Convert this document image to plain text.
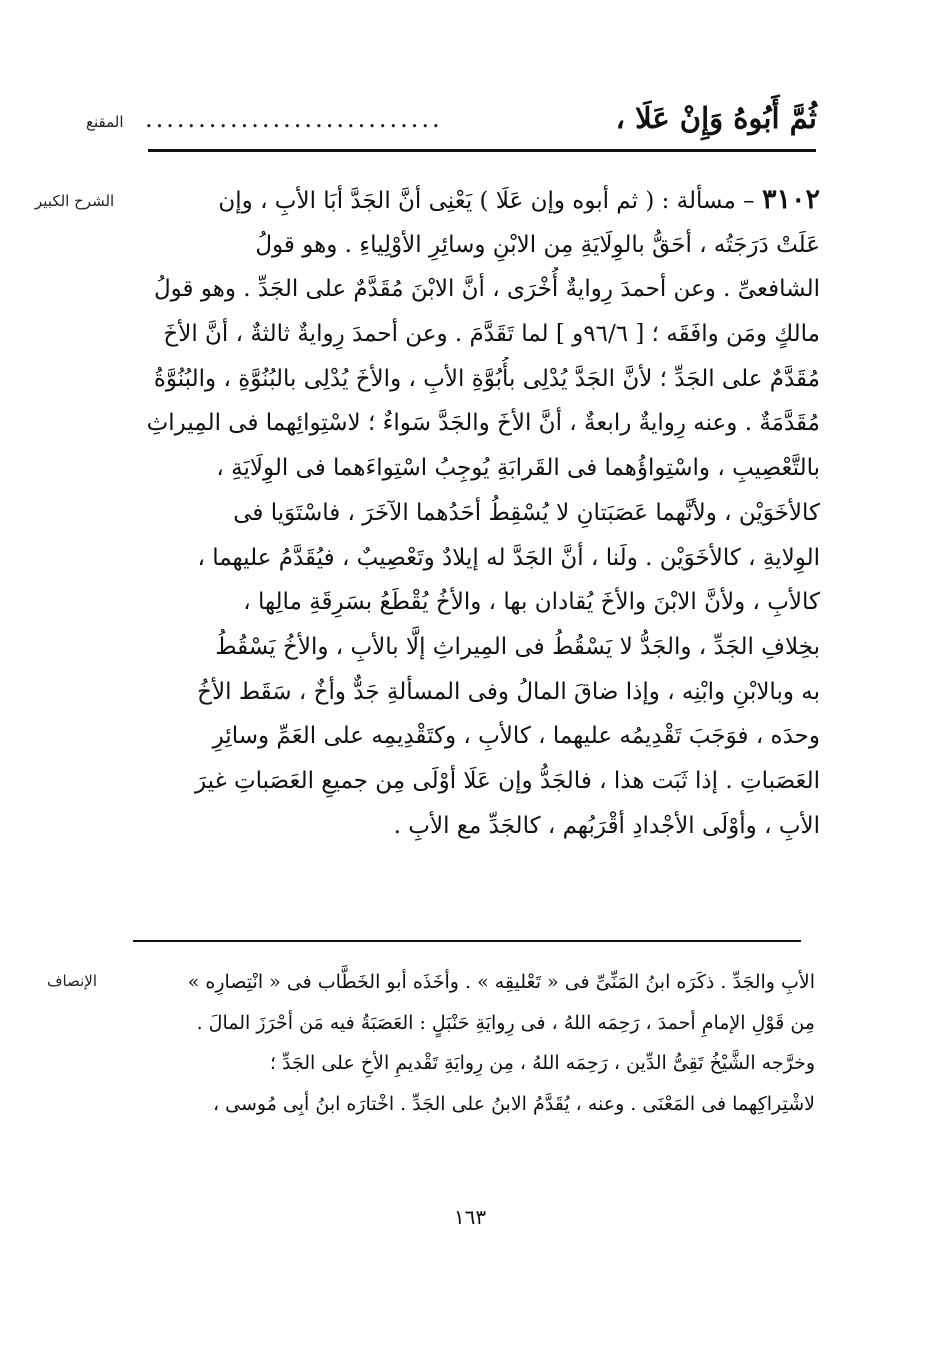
المقنع
الشرح الكبير
الإنصاف
ثُمَّ أَبُوهُ وَإِنْ عَلَا ،
............................
٣١٠٢ – مسألة : ( ثم أبوه وإن عَلَا ) يَعْنِى أنَّ الجَدَّ أبَا الأبِ ، وإن
عَلَتْ دَرَجَتُه ، أحَقُّ بالوِلَايَةِ مِن الابْنِ وسائِرِ الأوْلِياءِ . وهو قولُ
الشافعىِّ . وعن أحمدَ رِوايةٌ أُخْرَى ، أنَّ الابْنَ مُقَدَّمٌ على الجَدِّ . وهو قولُ
مالكٍ ومَن وافَقَه ؛ [ ٩٦/٦و ] لما تَقَدَّمَ . وعن أحمدَ رِوايةٌ ثالثةٌ ، أنَّ الأخَ
مُقَدَّمٌ على الجَدِّ ؛ لأنَّ الجَدَّ يُدْلِى بأُبُوَّةِ الأبِ ، والأخَ يُدْلِى بالبُنُوَّةِ ، والبُنُوَّةُ
مُقَدَّمَةٌ . وعنه رِوايةٌ رابعةٌ ، أنَّ الأخَ والجَدَّ سَواءٌ ؛ لاسْتِوائِهما فى المِيراثِ
بالتَّعْصِيبِ ، واسْتِواؤُهما فى القَرابَةِ يُوجِبُ اسْتِواءَهما فى الوِلَايَةِ ،
كالأخَوَيْن ، ولأنَّهما عَصَبَتانِ لا يُسْقِطُ أحَدُهما الآخَرَ ، فاسْتَوَيا فى
الوِلايةِ ، كالأخَوَيْن . ولَنا ، أنَّ الجَدَّ له إيلادٌ وتَعْصِيبٌ ، فيُقَدَّمُ عليهما ،
كالأبِ ، ولأنَّ الابْنَ والأخَ يُقادان بها ، والأخُ يُقْطَعُ بسَرِقَةِ مالِها ،
بخِلافِ الجَدِّ ، والجَدُّ لا يَسْقُطُ فى المِيراثِ إلَّا بالأبِ ، والأخُ يَسْقُطُ
به وبالابْنِ وابْنِه ، وإذا ضاقَ المالُ وفى المسألةِ جَدٌّ وأخٌ ، سَقَط الأخُ
وحدَه ، فوَجَبَ تَقْدِيمُه عليهما ، كالأبِ ، وكتَقْدِيمِه على العَمِّ وسائِرِ
العَصَباتِ . إذا ثَبَت هذا ، فالجَدُّ وإن عَلَا أوْلَى مِن جميعِ العَصَباتِ غيرَ
الأبِ ، وأوْلَى الأجْدادِ أقْرَبُهم ، كالجَدِّ مع الأبِ .
الأبِ والجَدِّ . ذكَرَه ابنُ المَنِّىِّ فى « تَعْليقِه » . وأخَذَه أبو الخَطَّاب فى « انْتِصارِه »
مِن قَوْلِ الإمامِ أحمدَ ، رَحِمَه اللهُ ، فى رِوايَةِ حَنْبَلٍ : العَصَبَةُ فيه مَن أحْرَزَ المالَ .
وخرَّجه الشَّيْخُ تَقِىُّ الدِّين ، رَحِمَه اللهُ ، مِن رِوايَةِ تَقْديمِ الأخِ على الجَدِّ ؛
لاشْتِراكِهما فى المَعْنَى . وعنه ، يُقَدَّمُ الابنُ على الجَدِّ . اخْتارَه ابنُ أبِى مُوسى ،
١٦٣
